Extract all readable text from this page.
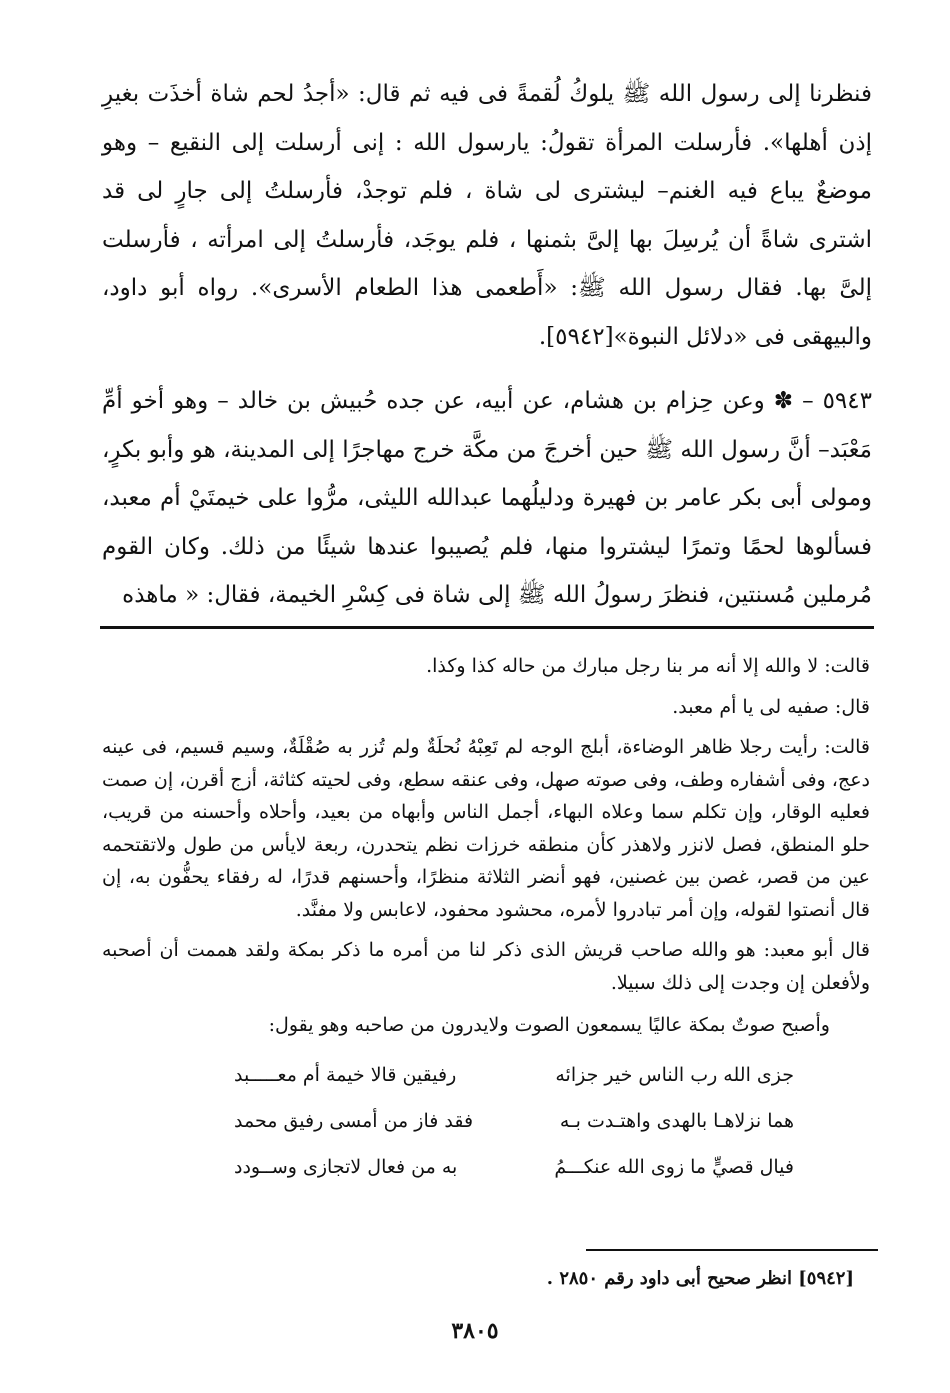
فنظرنا إلى رسول الله ﷺ يلوكُ لُقمةً فى فيه ثم قال: «أجدُ لحم شاة أخذَت بغيرِ إذن أهلها». فأرسلت المرأة تقولُ: يارسول الله : إنى أرسلت إلى النقيع – وهو موضعٌ يباع فيه الغنم– ليشترى لى شاة ، فلم توجدْ، فأرسلتُ إلى جارٍ لى قد اشترى شاةً أن يُرسِلَ بها إلىَّ بثمنها ، فلم يوجَد، فأرسلتُ إلى امرأته ، فأرسلت إلىَّ بها. فقال رسول الله ﷺ: «أَطعمى هذا الطعام الأسرى». رواه أبو داود، والبيهقى فى «دلائل النبوة»[٥٩٤٢].

٥٩٤٣ – ✽ وعن حِزام بن هشام، عن أبيه، عن جده حُبيش بن خالد – وهو أخو أمِّ مَعْبَد– أنَّ رسول الله ﷺ حين أخرجَ من مكَّة خرج مهاجرًا إلى المدينة، هو وأبو بكرٍ، ومولى أبى بكر عامر بن فهيرة ودليلُهما عبدالله الليثى، مرُّوا على خيمتَيْ أم معبد، فسألوها لحمًا وتمرًا ليشتروا منها، فلم يُصيبوا عندها شيئًا من ذلك. وكان القوم مُرملين مُسنتين، فنظرَ رسولُ الله ﷺ إلى شاة فى كِسْرِ الخيمة، فقال: « ماهذه

قالت: لا والله إلا أنه مر بنا رجل مبارك من حاله كذا وكذا.

قال: صفيه لى يا أم معبد.

قالت: رأيت رجلا ظاهر الوضاءة، أبلج الوجه لم تَعِبْهُ نُحلَةٌ ولم تُزر به صُقْلَةٌ، وسيم قسيم، فى عينه دعج، وفى أشفاره وطف، وفى صوته صهل، وفى عنقه سطع، وفى لحيته كثاثة، أزج أقرن، إن صمت فعليه الوقار، وإن تكلم سما وعلاه البهاء، أجمل الناس وأبهاه من بعيد، وأحلاه وأحسنه من قريب، حلو المنطق، فصل لانزر ولاهذر كأن منطقه خرزات نظم يتحدرن، ربعة لايأس من طول ولاتقتحمه عين من قصر، غصن بين غصنين، فهو أنضر الثلاثة منظرًا، وأحسنهم قدرًا، له رفقاء يحفُّون به، إن قال أنصتوا لقوله، وإن أمر تبادروا لأمره، محشود محفود، لاعابس ولا مفنَّد.

قال أبو معبد: هو والله صاحب قريش الذى ذكر لنا من أمره ما ذكر بمكة ولقد هممت أن أصحبه ولأفعلن إن وجدت إلى ذلك سبيلا.

وأصبح صوتٌ بمكة عاليًا يسمعون الصوت ولايدرون من صاحبه وهو يقول:

جزى الله رب الناس خير جزائه
رفيقين قالا خيمة أم معـــــبد
هما نزلاهـا بالهدى واهتـدت بـه
فقد فاز من أمسى رفيق محمد
فيال قصيٍّ ما زوى الله عنكـــمُ
به من فعال لاتجازى وســودد
[٥٩٤٢] انظر صحيح أبى داود رقم ٢٨٥٠ .
٣٨٠٥
